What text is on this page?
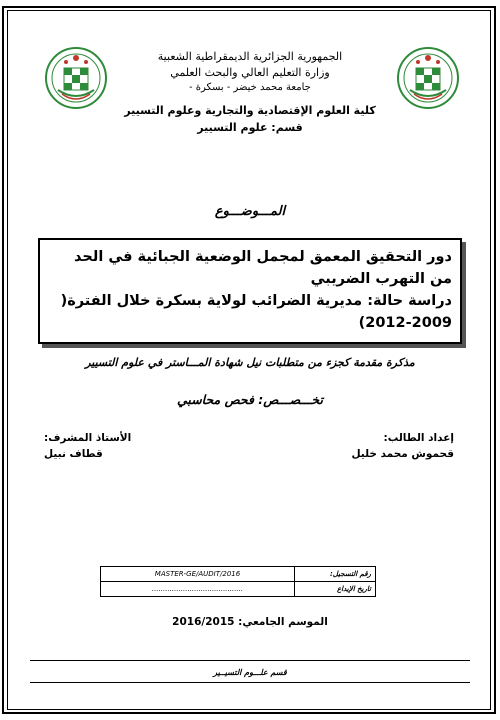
الجمهورية الجزائرية الديمقراطية الشعبية
وزارة التعليم العالي والبحث العلمي
جامعة محمد خيضر - بسكرة -
كلية العلوم الإقتصادية والتجارية وعلوم التسيير
قسم: علوم التسيير
المـــوضـــوع
دور التحقيق المعمق لمجمل الوضعية الجبائية في الحد من التهرب الضريبي
دراسة حالة: مديرية الضرائب لولاية بسكرة خلال الفترة( 2009-2012)
مذكرة مقدمة كجزء من متطلبات نيل شهادة المـــاستر في علوم التسيير
تخـــصـــص: فحص محاسبي
إعداد الطالب:
قحموش محمد خليل
الأستاذ المشرف:
قطاف نبيل
MASTER-GE/AUDIT/2016	رقم التسجيل:
.........................................	تاريخ الإيداع
الموسم الجامعي: 2016/2015
قسم علـــوم التسيــير
